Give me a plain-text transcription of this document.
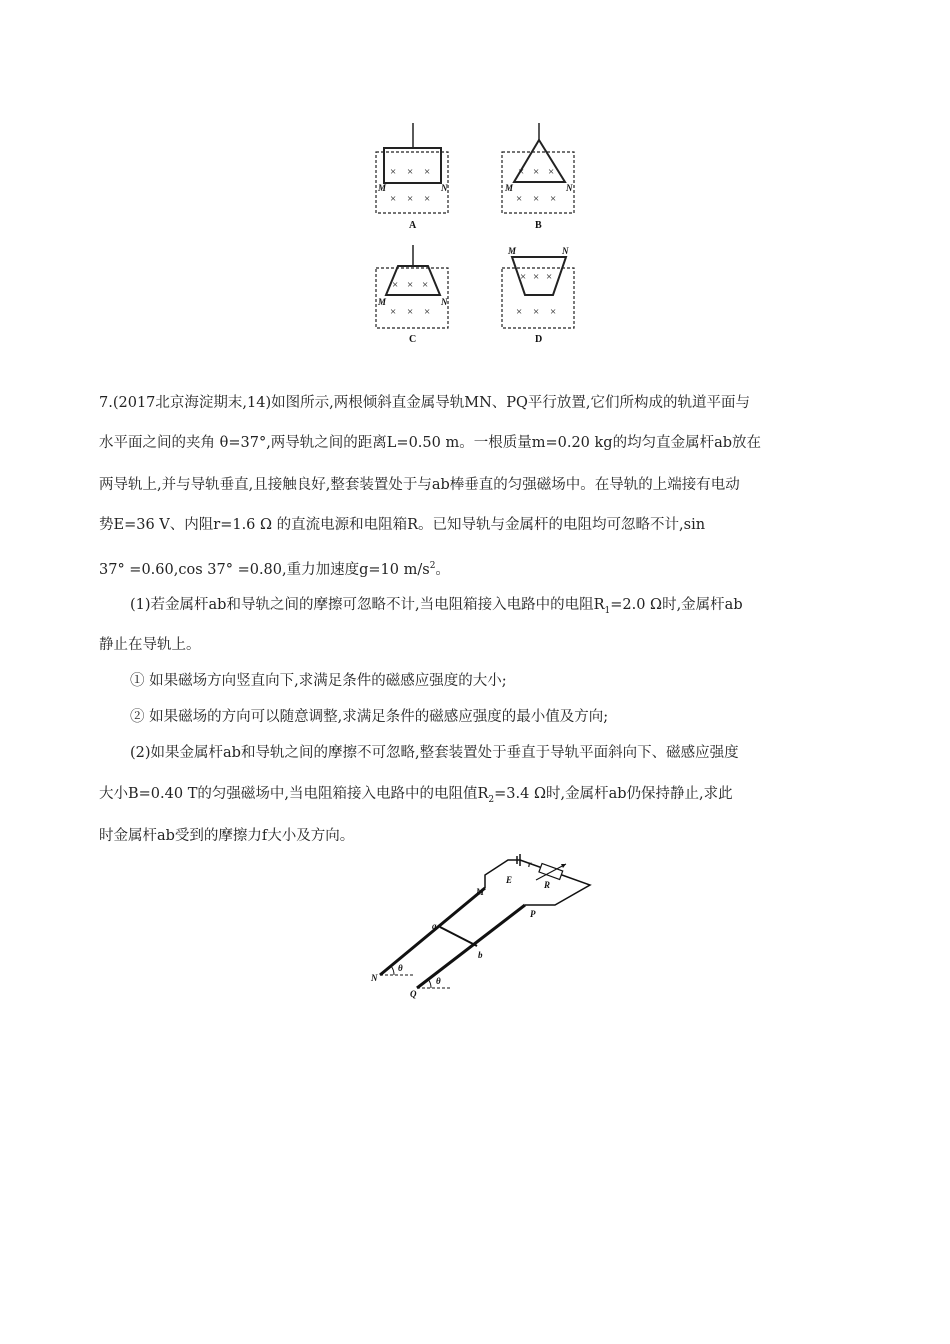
× × ×
× × ×
M	N
A
× × ×
× × ×
M	N
B
× × ×
× × ×
M	N
C
× × ×
× × ×
M	N
D
7.(2017北京海淀期末,14)如图所示,两根倾斜直金属导轨MN、PQ平行放置,它们所构成的轨道平面与
水平面之间的夹角 θ=37°,两导轨之间的距离L=0.50 m。一根质量m=0.20 kg的均匀直金属杆ab放在
两导轨上,并与导轨垂直,且接触良好,整套装置处于与ab棒垂直的匀强磁场中。在导轨的上端接有电动
势E=36 V、内阻r=1.6 Ω 的直流电源和电阻箱R。已知导轨与金属杆的电阻均可忽略不计,sin
37° =0.60,cos 37° =0.80,重力加速度g=10 $m/s^2$。
(1)若金属杆ab和导轨之间的摩擦可忽略不计,当电阻箱接入电路中的电阻$R_1=2.0$ Ω时,金属杆ab
静止在导轨上。
① 如果磁场方向竖直向下,求满足条件的磁感应强度的大小;
② 如果磁场的方向可以随意调整,求满足条件的磁感应强度的最小值及方向;
(2)如果金属杆ab和导轨之间的摩擦不可忽略,整套装置处于垂直于导轨平面斜向下、磁感应强度
大小B=0.40 T的匀强磁场中,当电阻箱接入电路中的电阻值$R_2=3.4$ Ω时,金属杆ab仍保持静止,求此
时金属杆ab受到的摩擦力f大小及方向。
E
r
R
M
P
a
b
N
Q
θ
θ
